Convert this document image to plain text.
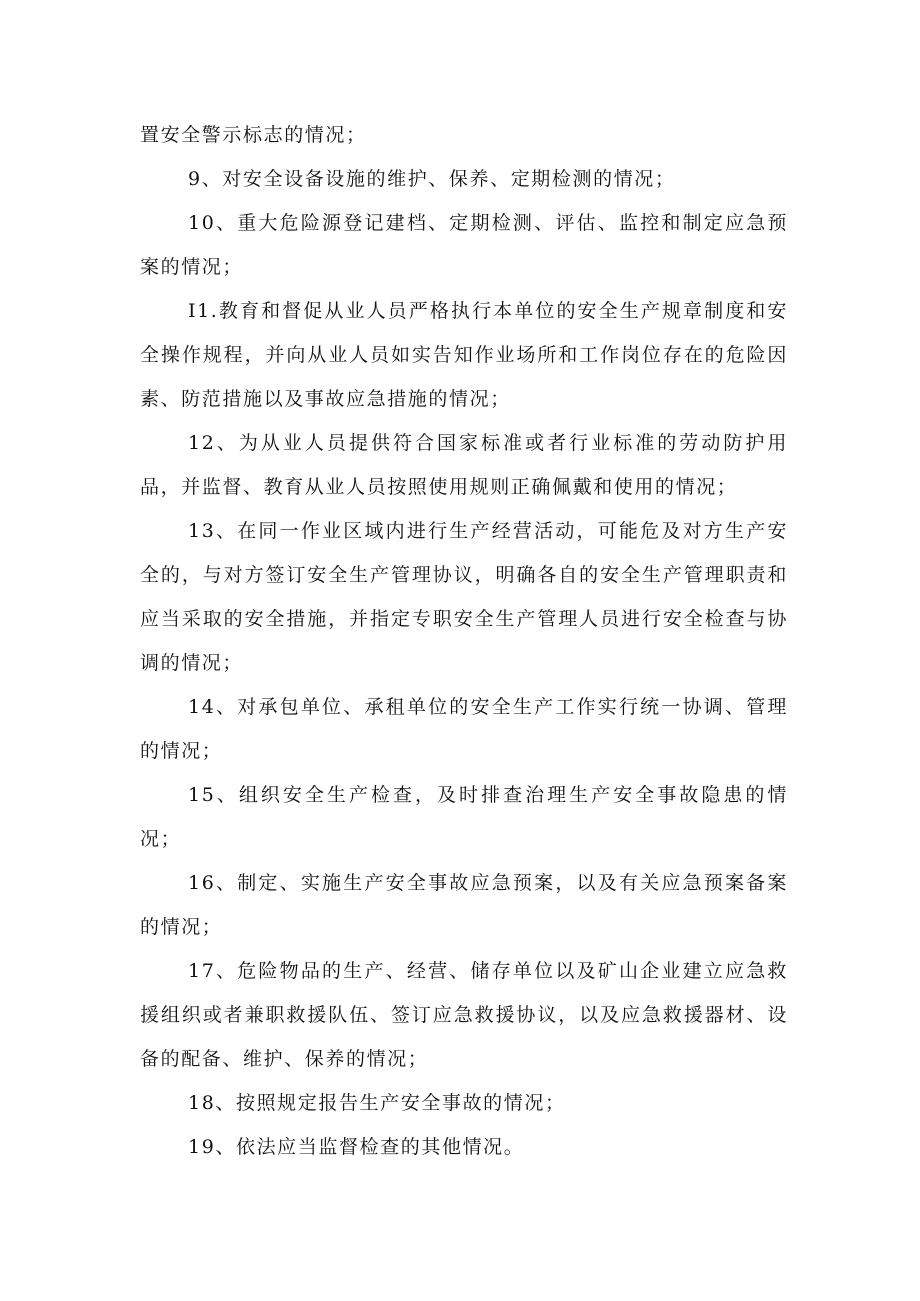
置安全警示标志的情况；

9、对安全设备设施的维护、保养、定期检测的情况；

10、重大危险源登记建档、定期检测、评估、监控和制定应急预案的情况；

I1.教育和督促从业人员严格执行本单位的安全生产规章制度和安全操作规程，并向从业人员如实告知作业场所和工作岗位存在的危险因素、防范措施以及事故应急措施的情况；

12、为从业人员提供符合国家标准或者行业标准的劳动防护用品，并监督、教育从业人员按照使用规则正确佩戴和使用的情况；

13、在同一作业区域内进行生产经营活动，可能危及对方生产安全的，与对方签订安全生产管理协议，明确各自的安全生产管理职责和应当采取的安全措施，并指定专职安全生产管理人员进行安全检查与协调的情况；

14、对承包单位、承租单位的安全生产工作实行统一协调、管理的情况；

15、组织安全生产检查，及时排查治理生产安全事故隐患的情况；

16、制定、实施生产安全事故应急预案，以及有关应急预案备案的情况；

17、危险物品的生产、经营、储存单位以及矿山企业建立应急救援组织或者兼职救援队伍、签订应急救援协议，以及应急救援器材、设备的配备、维护、保养的情况；

18、按照规定报告生产安全事故的情况；

19、依法应当监督检查的其他情况。
